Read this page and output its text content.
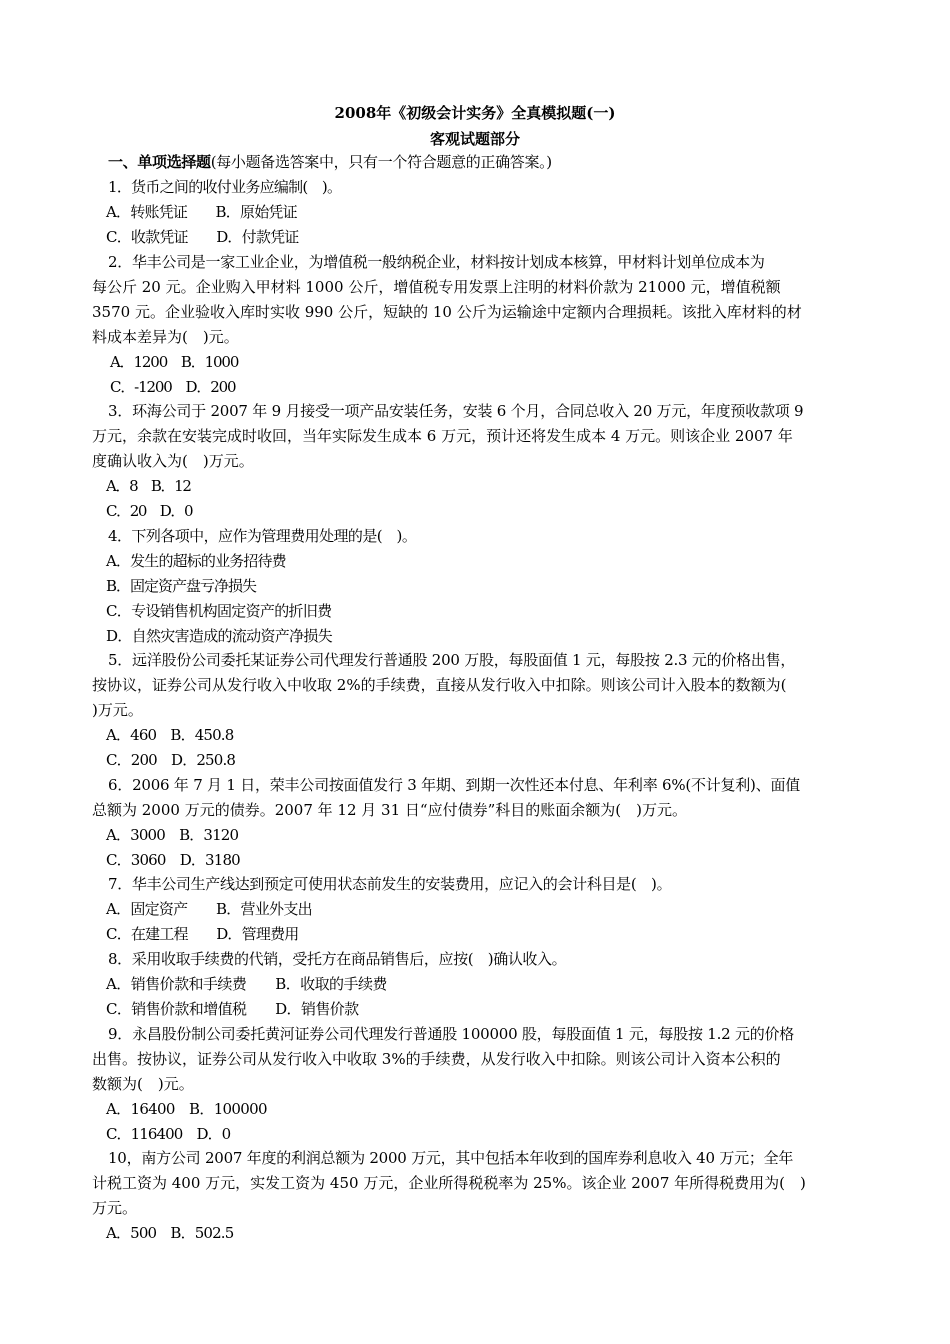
2008年《初级会计实务》全真模拟题(一)
客观试题部分
一、单项选择题(每小题备选答案中，只有一个符合题意的正确答案。)
1．货币之间的收付业务应编制(　)。
A．转账凭证　　B．原始凭证
C．收款凭证　　D．付款凭证
2．华丰公司是一家工业企业，为增值税一般纳税企业，材料按计划成本核算，甲材料计划单位成本为
每公斤 20 元。企业购入甲材料 1000 公斤，增值税专用发票上注明的材料价款为 21000 元，增值税额
3570 元。企业验收入库时实收 990 公斤，短缺的 10 公斤为运输途中定额内合理损耗。该批入库材料的材
料成本差异为(　)元。
A．1200　B．1000
C．-1200　D．200
3．环海公司于 2007 年 9 月接受一项产品安装任务，安装 6 个月，合同总收入 20 万元，年度预收款项 9
万元，余款在安装完成时收回，当年实际发生成本 6 万元，预计还将发生成本 4 万元。则该企业 2007 年
度确认收入为(　)万元。
A．8　B．12
C．20　D．0
4．下列各项中，应作为管理费用处理的是(　)。
A．发生的超标的业务招待费
B．固定资产盘亏净损失
C．专设销售机构固定资产的折旧费
D．自然灾害造成的流动资产净损失
5．远洋股份公司委托某证券公司代理发行普通股 200 万股，每股面值 1 元，每股按 2.3 元的价格出售，
按协议，证券公司从发行收入中收取 2%的手续费，直接从发行收入中扣除。则该公司计入股本的数额为(
)万元。
A．460　B．450.8
C．200　D．250.8
6．2006 年 7 月 1 日，荣丰公司按面值发行 3 年期、到期一次性还本付息、年利率 6%(不计复利)、面值
总额为 2000 万元的债券。2007 年 12 月 31 日“应付债券”科目的账面余额为(　)万元。
A．3000　B．3120
C．3060　D．3180
7．华丰公司生产线达到预定可使用状态前发生的安装费用，应记入的会计科目是(　)。
A．固定资产　　B．营业外支出
C．在建工程　　D．管理费用
8．采用收取手续费的代销，受托方在商品销售后，应按(　)确认收入。
A．销售价款和手续费　　B．收取的手续费
C．销售价款和增值税　　D．销售价款
9．永昌股份制公司委托黄河证券公司代理发行普通股 100000 股，每股面值 1 元，每股按 1.2 元的价格
出售。按协议，证券公司从发行收入中收取 3%的手续费，从发行收入中扣除。则该公司计入资本公积的
数额为(　)元。
A．16400　B．100000
C．116400　D．0
10，南方公司 2007 年度的利润总额为 2000 万元，其中包括本年收到的国库券利息收入 40 万元；全年
计税工资为 400 万元，实发工资为 450 万元，企业所得税税率为 25%。该企业 2007 年所得税费用为(　)
万元。
A．500　B．502.5
